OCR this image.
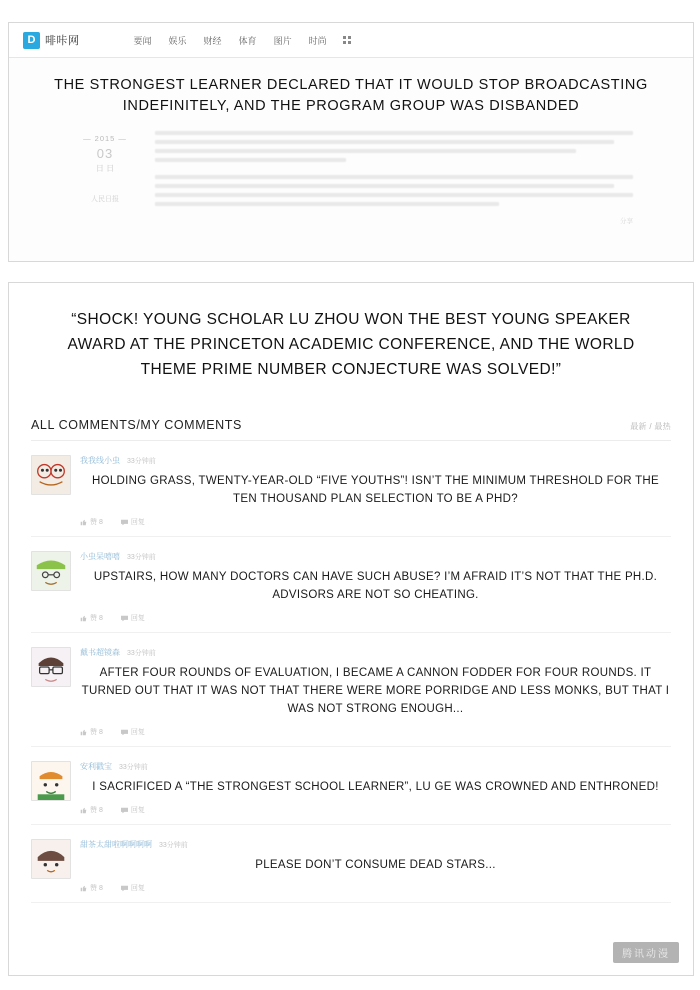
D 啡咔网	要闻 娱乐 财经 体育 图片 时尚
THE STRONGEST LEARNER DECLARED THAT IT WOULD STOP BROADCASTING INDEFINITELY, AND THE PROGRAM GROUP WAS DISBANDED
— 2015 —
03
日 日
人民日报
分享
“SHOCK! YOUNG SCHOLAR LU ZHOU WON THE BEST YOUNG SPEAKER AWARD AT THE PRINCETON ACADEMIC CONFERENCE, AND THE WORLD THEME PRIME NUMBER CONJECTURE WAS SOLVED!”
ALL COMMENTS/MY COMMENTS	最新 / 最热
我我线小虫 33分钟前
HOLDING GRASS, TWENTY-YEAR-OLD “FIVE YOUTHS”! ISN’T THE MINIMUM THRESHOLD FOR THE TEN THOUSAND PLAN SELECTION TO BE A PHD?
赞 8	回复
小虫呆嘻嘻 33分钟前
UPSTAIRS, HOW MANY DOCTORS CAN HAVE SUCH ABUSE? I’M AFRAID IT’S NOT THAT THE PH.D. ADVISORS ARE NOT SO CHEATING.
赞 8	回复
戴书超镜森 33分钟前
AFTER FOUR ROUNDS OF EVALUATION, I BECAME A CANNON FODDER FOR FOUR ROUNDS. IT TURNED OUT THAT IT WAS NOT THAT THERE WERE MORE PORRIDGE AND LESS MONKS, BUT THAT I WAS NOT STRONG ENOUGH...
赞 8	回复
安利戳宝 33分钟前
I SACRIFICED A “THE STRONGEST SCHOOL LEARNER”, LU GE WAS CROWNED AND ENTHRONED!
赞 8	回复
甜茶太甜啦啊啊啊啊 33分钟前
PLEASE DON’T CONSUME DEAD STARS...
赞 8	回复
腾讯动漫
